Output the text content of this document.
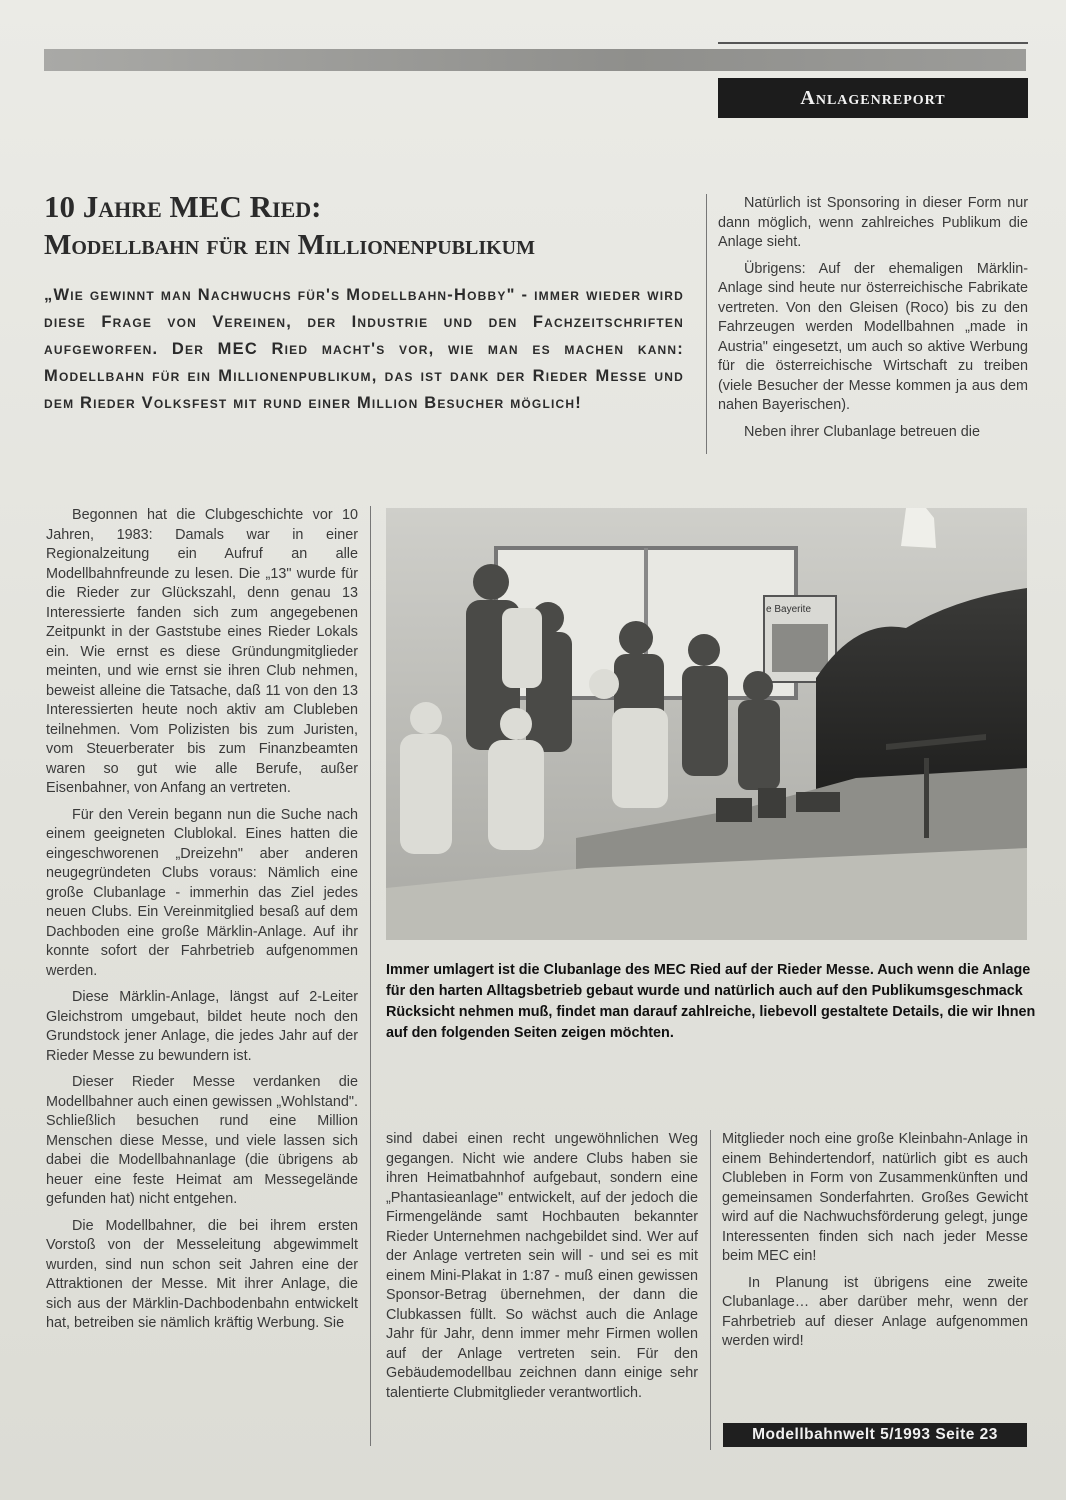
Anlagenreport
10 Jahre MEC Ried:
Modellbahn für ein Millionenpublikum
„Wie gewinnt man Nachwuchs für's Modellbahn-Hobby" - immer wieder wird diese Frage von Vereinen, der Industrie und den Fachzeitschriften aufgeworfen. Der MEC Ried macht's vor, wie man es machen kann: Modellbahn für ein Millionenpublikum, das ist dank der Rieder Messe und dem Rieder Volksfest mit rund einer Million Besucher möglich!

Natürlich ist Sponsoring in dieser Form nur dann möglich, wenn zahlreiches Publikum die Anlage sieht.

Übrigens: Auf der ehemaligen Märklin-Anlage sind heute nur österreichische Fabrikate vertreten. Von den Gleisen (Roco) bis zu den Fahrzeugen werden Modellbahnen „made in Austria" eingesetzt, um auch so aktive Werbung für die österreichische Wirtschaft zu treiben (viele Besucher der Messe kommen ja aus dem nahen Bayerischen).

Neben ihrer Clubanlage betreuen die

Begonnen hat die Clubgeschichte vor 10 Jahren, 1983: Damals war in einer Regionalzeitung ein Aufruf an alle Modellbahnfreunde zu lesen. Die „13" wurde für die Rieder zur Glückszahl, denn genau 13 Interessierte fanden sich zum angegebenen Zeitpunkt in der Gaststube eines Rieder Lokals ein. Wie ernst es diese Gründungmitglieder meinten, und wie ernst sie ihren Club nehmen, beweist alleine die Tatsache, daß 11 von den 13 Interessierten heute noch aktiv am Clubleben teilnehmen. Vom Polizisten bis zum Juristen, vom Steuerberater bis zum Finanzbeamten waren so gut wie alle Berufe, außer Eisenbahner, von Anfang an vertreten.

Für den Verein begann nun die Suche nach einem geeigneten Clublokal. Eines hatten die eingeschworenen „Dreizehn" aber anderen neugegründeten Clubs voraus: Nämlich eine große Clubanlage - immerhin das Ziel jedes neuen Clubs. Ein Vereinmitglied besaß auf dem Dachboden eine große Märklin-Anlage. Auf ihr konnte sofort der Fahrbetrieb aufgenommen werden.

Diese Märklin-Anlage, längst auf 2-Leiter Gleichstrom umgebaut, bildet heute noch den Grundstock jener Anlage, die jedes Jahr auf der Rieder Messe zu bewundern ist.

Dieser Rieder Messe verdanken die Modellbahner auch einen gewissen „Wohlstand". Schließlich besuchen rund eine Million Menschen diese Messe, und viele lassen sich dabei die Modellbahnanlage (die übrigens ab heuer eine feste Heimat am Messegelände gefunden hat) nicht entgehen.

Die Modellbahner, die bei ihrem ersten Vorstoß von der Messeleitung abgewimmelt wurden, sind nun schon seit Jahren eine der Attraktionen der Messe. Mit ihrer Anlage, die sich aus der Märklin-Dachbodenbahn entwickelt hat, betreiben sie nämlich kräftig Werbung. Sie

e Bayerite
Immer umlagert ist die Clubanlage des MEC Ried auf der Rieder Messe. Auch wenn die Anlage für den harten Alltagsbetrieb gebaut wurde und natürlich auch auf den Publikumsgeschmack Rücksicht nehmen muß, findet man darauf zahlreiche, liebevoll gestaltete Details, die wir Ihnen auf den folgenden Seiten zeigen möchten.

sind dabei einen recht ungewöhnlichen Weg gegangen. Nicht wie andere Clubs haben sie ihren Heimatbahnhof aufgebaut, sondern eine „Phantasieanlage" entwickelt, auf der jedoch die Firmengelände samt Hochbauten bekannter Rieder Unternehmen nachgebildet sind. Wer auf der Anlage vertreten sein will - und sei es mit einem Mini-Plakat in 1:87 - muß einen gewissen Sponsor-Betrag übernehmen, der dann die Clubkassen füllt. So wächst auch die Anlage Jahr für Jahr, denn immer mehr Firmen wollen auf der Anlage vertreten sein. Für den Gebäudemodellbau zeichnen dann einige sehr talentierte Clubmitglieder verantwortlich.

Mitglieder noch eine große Kleinbahn-Anlage in einem Behindertendorf, natürlich gibt es auch Clubleben in Form von Zusammenkünften und gemeinsamen Sonderfahrten. Großes Gewicht wird auf die Nachwuchsförderung gelegt, junge Interessenten finden sich nach jeder Messe beim MEC ein!

In Planung ist übrigens eine zweite Clubanlage… aber darüber mehr, wenn der Fahrbetrieb auf dieser Anlage aufgenommen werden wird!

Modellbahnwelt 5/1993 Seite 23
